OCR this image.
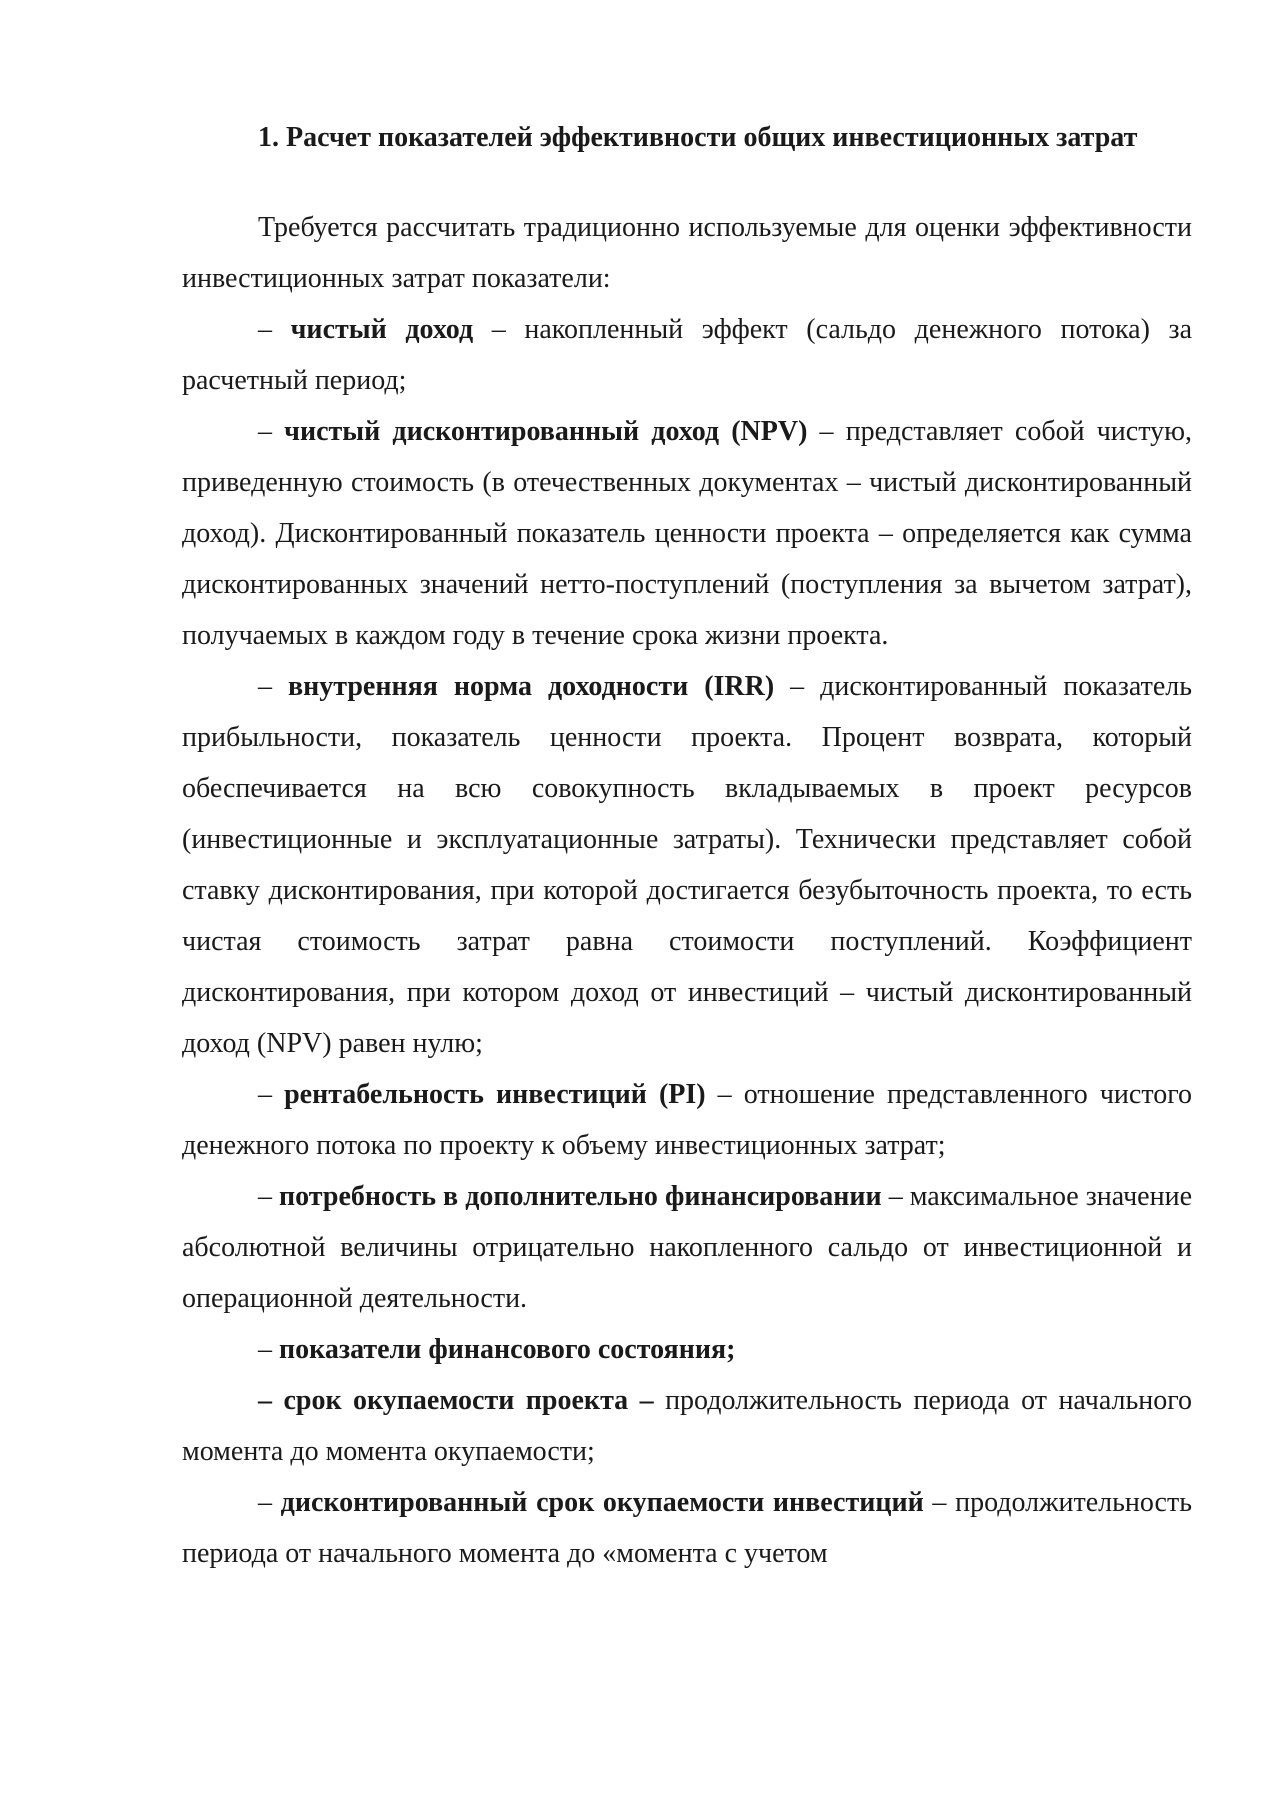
1. Расчет показателей эффективности общих инвестиционных затрат

Требуется рассчитать традиционно используемые для оценки эффективности инвестиционных затрат показатели:

– чистый доход – накопленный эффект (сальдо денежного потока) за расчетный период;

– чистый дисконтированный доход (NPV) – представляет собой чистую, приведенную стоимость (в отечественных документах – чистый дисконтированный доход). Дисконтированный показатель ценности проекта – определяется как сумма дисконтированных значений нетто-поступлений (поступления за вычетом затрат), получаемых в каждом году в течение срока жизни проекта.

– внутренняя норма доходности (IRR) – дисконтированный показатель прибыльности, показатель ценности проекта. Процент возврата, который обеспечивается на всю совокупность вкладываемых в проект ресурсов (инвестиционные и эксплуатационные затраты). Технически представляет собой ставку дисконтирования, при которой достигается безубыточность проекта, то есть чистая стоимость затрат равна стоимости поступлений. Коэффициент дисконтирования, при котором доход от инвестиций – чистый дисконтированный доход (NPV) равен нулю;

– рентабельность инвестиций (PI) – отношение представленного чистого денежного потока по проекту к объему инвестиционных затрат;

– потребность в дополнительно финансировании – максимальное значение абсолютной величины отрицательно накопленного сальдо от инвестиционной и операционной деятельности.

– показатели финансового состояния;

– срок окупаемости проекта – продолжительность периода от начального момента до момента окупаемости;

– дисконтированный срок окупаемости инвестиций – продолжительность периода от начального момента до «момента с учетом
